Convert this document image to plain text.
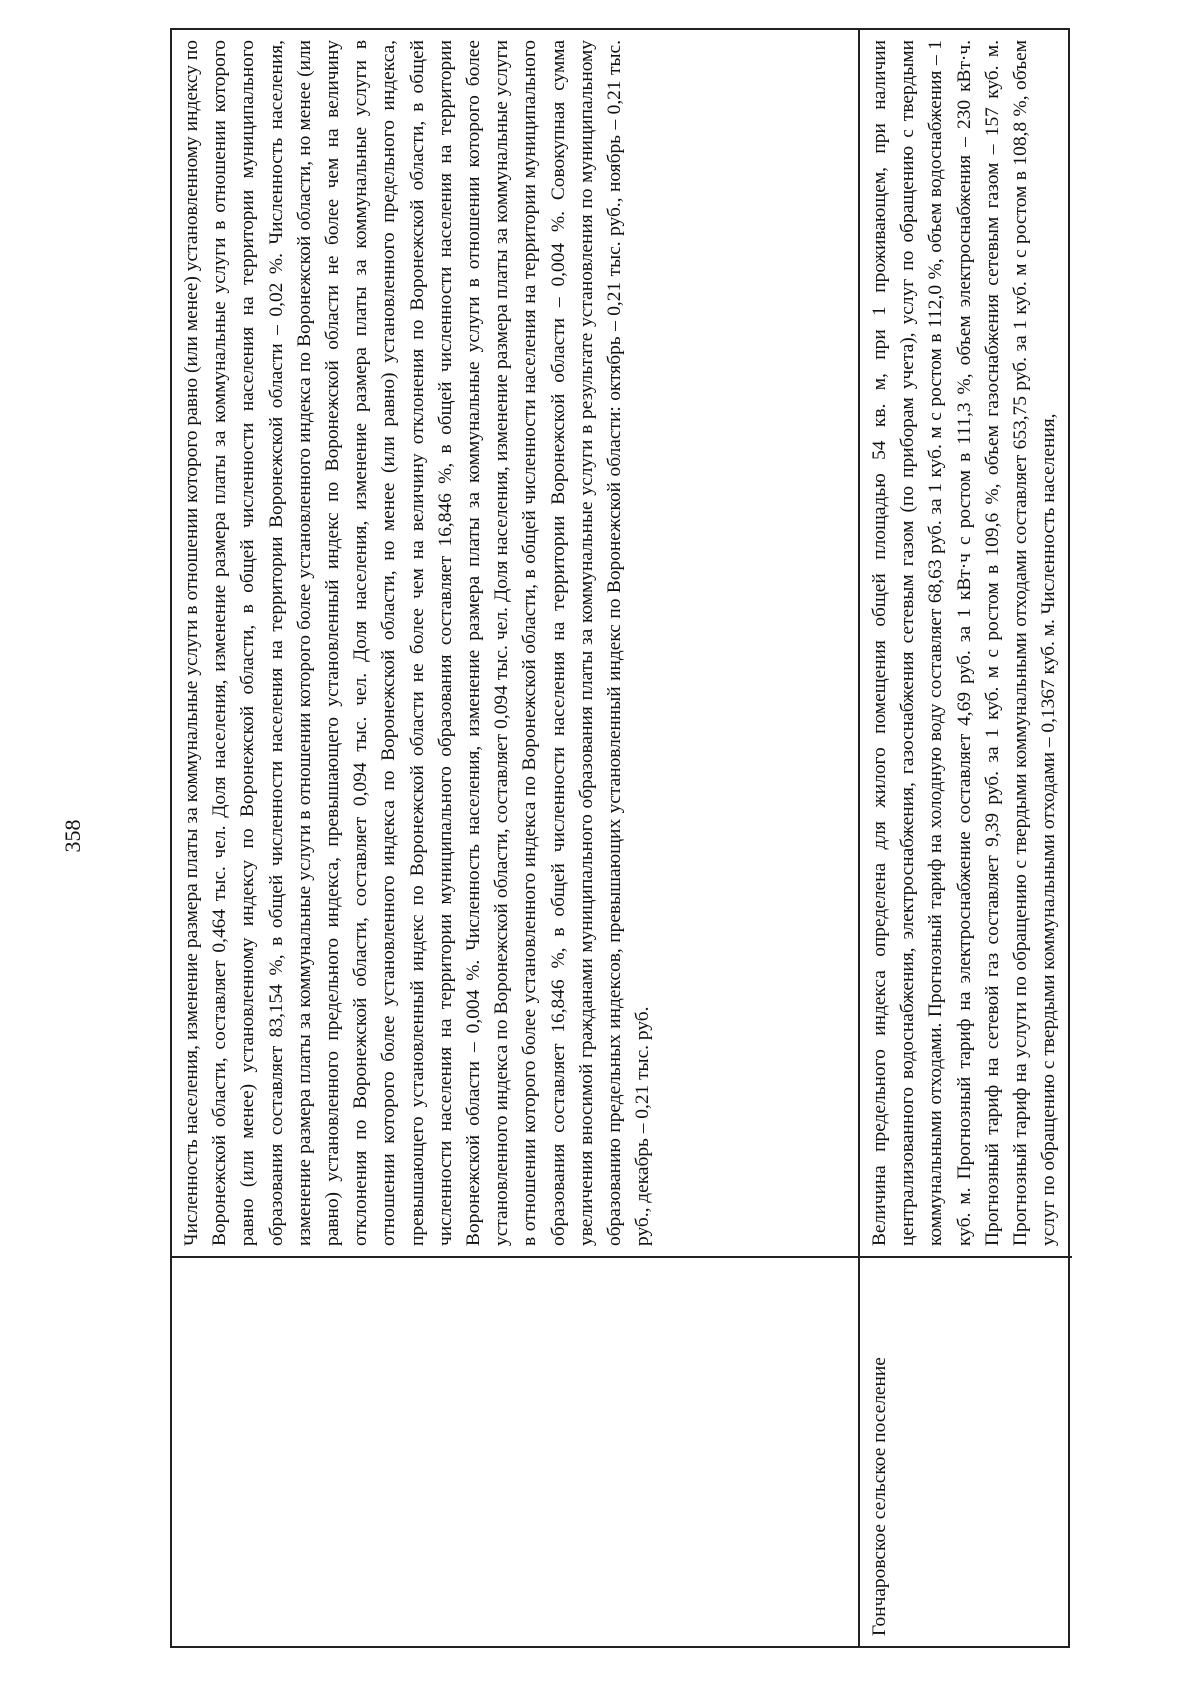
358	Численность населения, изменение размера платы за коммунальные услуги в отношении которого равно (или менее) установленному индексу по Воронежской области, составляет 0,464 тыс. чел. Доля населения, изменение размера платы за коммунальные услуги в отношении которого равно (или менее) установленному индексу по Воронежской области, в общей численности населения на территории муниципального образования составляет 83,154 %, в общей численности населения на территории Воронежской области – 0,02 %. Численность населения, изменение размера платы за коммунальные услуги в отношении которого более установленного индекса по Воронежской области, но менее (или равно) установленного предельного индекса, превышающего установленный индекс по Воронежской области не более чем на величину отклонения по Воронежской области, составляет 0,094 тыс. чел. Доля населения, изменение размера платы за коммунальные услуги в отношении которого более установленного индекса по Воронежской области, но менее (или равно) установленного предельного индекса, превышающего установленный индекс по Воронежской области не более чем на величину отклонения по Воронежской области, в общей численности населения на территории муниципального образования составляет 16,846 %, в общей численности населения на территории Воронежской области – 0,004 %. Численность населения, изменение размера платы за коммунальные услуги в отношении которого более установленного индекса по Воронежской области, составляет 0,094 тыс. чел. Доля населения, изменение размера платы за коммунальные услуги в отношении которого более установленного индекса по Воронежской области, в общей численности населения на территории муниципального образования составляет 16,846 %, в общей численности населения на территории Воронежской области – 0,004 %. Совокупная сумма увеличения вносимой гражданами муниципального образования платы за коммунальные услуги в результате установления по муниципальному образованию предельных индексов, превышающих установленный индекс по Воронежской области: октябрь – 0,21 тыс. руб., ноябрь – 0,21 тыс. руб., декабрь – 0,21 тыс. руб.
Гончаровское сельское поселение
Величина предельного индекса определена для жилого помещения общей площадью 54 кв. м, при 1 проживающем, при наличии централизованного водоснабжения, электроснабжения, газоснабжения сетевым газом (по приборам учета), услуг по обращению с твердыми коммунальными отходами. Прогнозный тариф на холодную воду составляет 68,63 руб. за 1 куб. м с ростом в 112,0 %, объем водоснабжения – 1 куб. м. Прогнозный тариф на электроснабжение составляет 4,69 руб. за 1 кВт·ч с ростом в 111,3 %, объем электроснабжения – 230 кВт·ч. Прогнозный тариф на сетевой газ составляет 9,39 руб. за 1 куб. м с ростом в 109,6 %, объем газоснабжения сетевым газом – 157 куб. м. Прогнозный тариф на услуги по обращению с твердыми коммунальными отходами составляет 653,75 руб. за 1 куб. м с ростом в 108,8 %, объем услуг по обращению с твердыми коммунальными отходами – 0,1367 куб. м. Численность населения,
